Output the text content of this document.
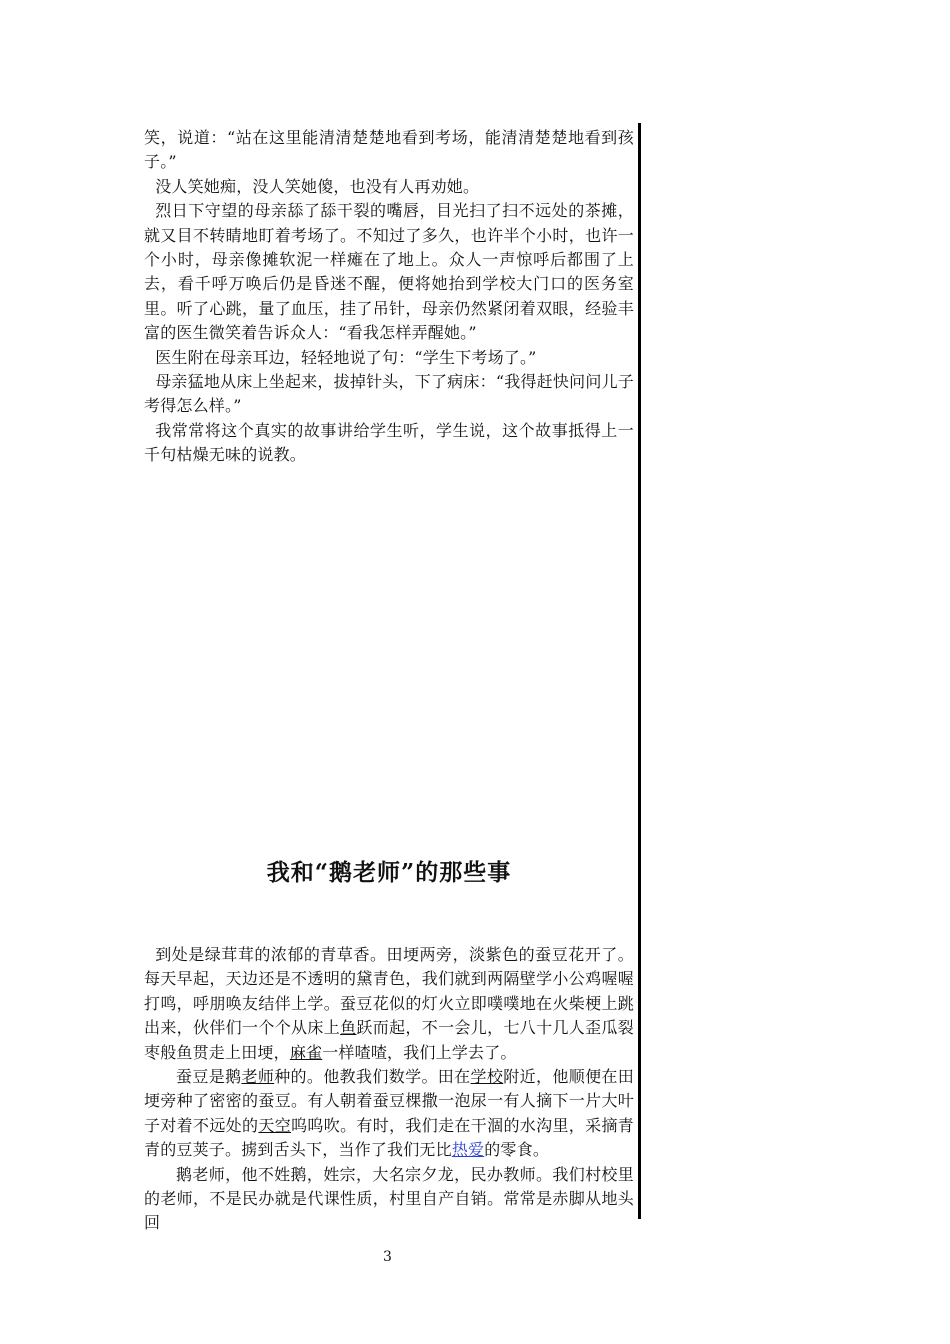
笑，说道：“站在这里能清清楚楚地看到考场，能清清楚楚地看到孩子。”

没人笑她痴，没人笑她傻，也没有人再劝她。

烈日下守望的母亲舔了舔干裂的嘴唇，目光扫了扫不远处的茶摊，就又目不转睛地盯着考场了。不知过了多久，也许半个小时，也许一个小时，母亲像摊软泥一样瘫在了地上。众人一声惊呼后都围了上去，看千呼万唤后仍是昏迷不醒，便将她抬到学校大门口的医务室里。听了心跳，量了血压，挂了吊针，母亲仍然紧闭着双眼，经验丰富的医生微笑着告诉众人：“看我怎样弄醒她。”

医生附在母亲耳边，轻轻地说了句：“学生下考场了。”

母亲猛地从床上坐起来，拔掉针头，下了病床：“我得赶快问问儿子考得怎么样。”

我常常将这个真实的故事讲给学生听，学生说，这个故事抵得上一千句枯燥无味的说教。

我和“鹅老师”的那些事

到处是绿茸茸的浓郁的青草香。田埂两旁，淡紫色的蚕豆花开了。每天早起，天边还是不透明的黛青色，我们就到两隔壁学小公鸡喔喔打鸣，呼朋唤友结伴上学。蚕豆花似的灯火立即噗噗地在火柴梗上跳出来，伙伴们一个个从床上鱼跃而起，不一会儿，七八十几人歪瓜裂枣般鱼贯走上田埂，麻雀一样喳喳，我们上学去了。

蚕豆是鹅老师种的。他教我们数学。田在学校附近，他顺便在田埂旁种了密密的蚕豆。有人朝着蚕豆棵撒一泡尿一有人摘下一片大叶子对着不远处的天空呜呜吹。有时，我们走在干涸的水沟里，采摘青青的豆荚子。掳到舌头下，当作了我们无比热爱的零食。

鹅老师，他不姓鹅，姓宗，大名宗夕龙，民办教师。我们村校里的老师，不是民办就是代课性质，村里自产自销。常常是赤脚从地头回

3
